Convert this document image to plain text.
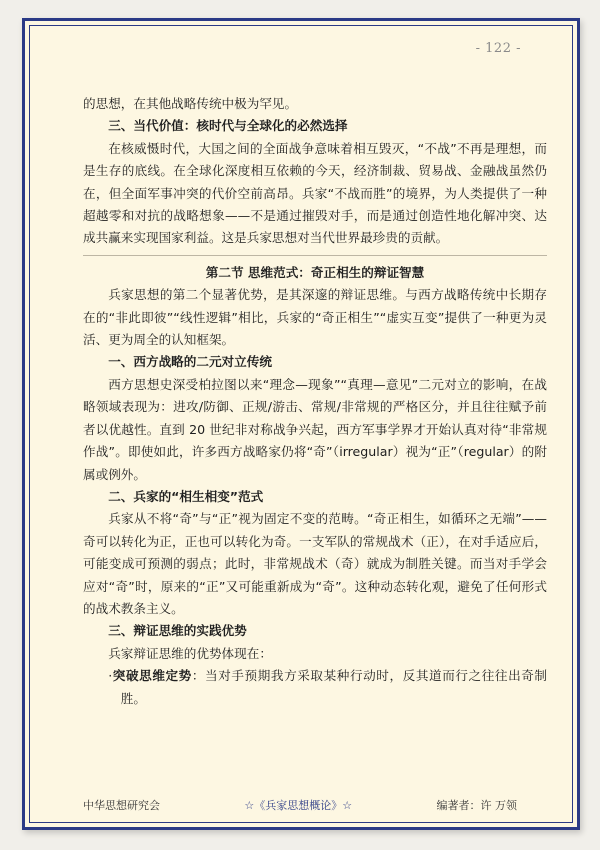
- 122 -

的思想，在其他战略传统中极为罕见。

三、当代价值：核时代与全球化的必然选择

在核威慑时代，大国之间的全面战争意味着相互毁灭，“不战”不再是理想，而是生存的底线。在全球化深度相互依赖的今天，经济制裁、贸易战、金融战虽然仍在，但全面军事冲突的代价空前高昂。兵家“不战而胜”的境界，为人类提供了一种超越零和对抗的战略想象——不是通过摧毁对手，而是通过创造性地化解冲突、达成共赢来实现国家利益。这是兵家思想对当代世界最珍贵的贡献。

第二节 思维范式：奇正相生的辩证智慧

兵家思想的第二个显著优势，是其深邃的辩证思维。与西方战略传统中长期存在的“非此即彼”“线性逻辑”相比，兵家的“奇正相生”“虚实互变”提供了一种更为灵活、更为周全的认知框架。

一、西方战略的二元对立传统

西方思想史深受柏拉图以来“理念—现象”“真理—意见”二元对立的影响，在战略领域表现为：进攻/防御、正规/游击、常规/非常规的严格区分，并且往往赋予前者以优越性。直到 20 世纪非对称战争兴起，西方军事学界才开始认真对待“非常规作战”。即使如此，许多西方战略家仍将“奇”（irregular）视为“正”（regular）的附属或例外。

二、兵家的“相生相变”范式

兵家从不将“奇”与“正”视为固定不变的范畴。“奇正相生，如循环之无端”——奇可以转化为正，正也可以转化为奇。一支军队的常规战术（正），在对手适应后，可能变成可预测的弱点；此时，非常规战术（奇）就成为制胜关键。而当对手学会应对“奇”时，原来的“正”又可能重新成为“奇”。这种动态转化观，避免了任何形式的战术教条主义。

三、辩证思维的实践优势

兵家辩证思维的优势体现在：

·突破思维定势：当对手预期我方采取某种行动时，反其道而行之往往出奇制胜。

中华思想研究会	☆《兵家思想概论》☆	编著者：许 万领
